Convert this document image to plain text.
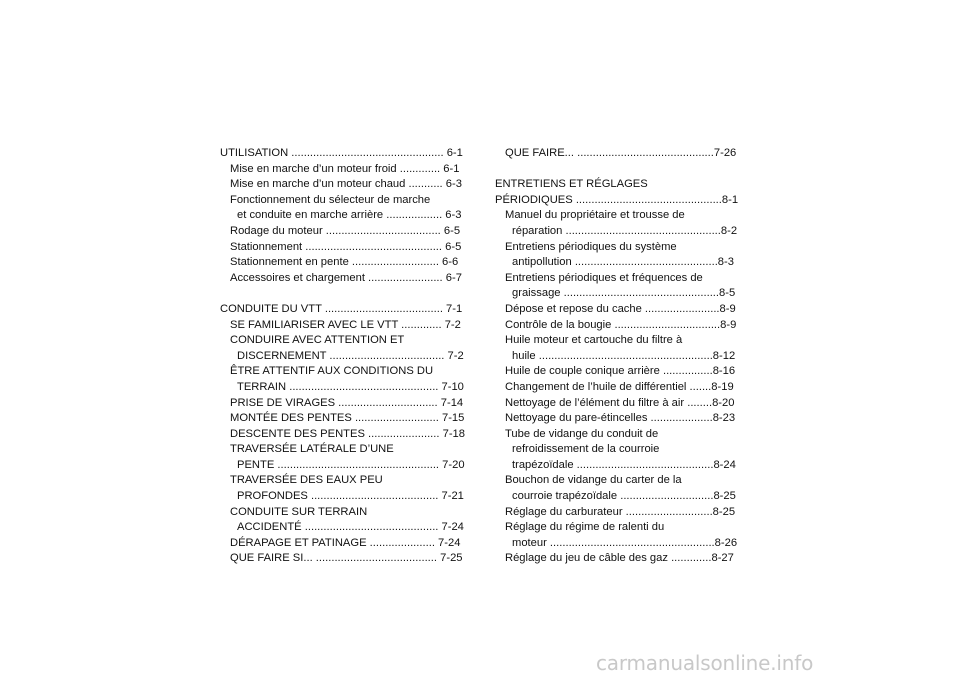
UTILISATION ................................................. 6-1
Mise en marche d’un moteur froid ............. 6-1
Mise en marche d’un moteur chaud ........... 6-3
Fonctionnement du sélecteur de marche
et conduite en marche arrière .................. 6-3
Rodage du moteur ..................................... 6-5
Stationnement ............................................ 6-5
Stationnement en pente ............................ 6-6
Accessoires et chargement ........................ 6-7
CONDUITE DU VTT ...................................... 7-1
SE FAMILIARISER AVEC LE VTT ............. 7-2
CONDUIRE AVEC ATTENTION ET
DISCERNEMENT ..................................... 7-2
ÊTRE ATTENTIF AUX CONDITIONS DU
TERRAIN ................................................ 7-10
PRISE DE VIRAGES ................................ 7-14
MONTÉE DES PENTES ........................... 7-15
DESCENTE DES PENTES ....................... 7-18
TRAVERSÉE LATÉRALE D’UNE
PENTE .................................................... 7-20
TRAVERSÉE DES EAUX PEU
PROFONDES ......................................... 7-21
CONDUITE SUR TERRAIN
ACCIDENTÉ ........................................... 7-24
DÉRAPAGE ET PATINAGE ..................... 7-24
QUE FAIRE SI... ....................................... 7-25
QUE FAIRE... ............................................7-26
ENTRETIENS ET RÉGLAGES
PÉRIODIQUES ...............................................8-1
Manuel du propriétaire et trousse de
réparation ..................................................8-2
Entretiens périodiques du système
antipollution ..............................................8-3
Entretiens périodiques et fréquences de
graissage ..................................................8-5
Dépose et repose du cache ........................8-9
Contrôle de la bougie ..................................8-9
Huile moteur et cartouche du filtre à
huile ........................................................8-12
Huile de couple conique arrière ................8-16
Changement de l’huile de différentiel .......8-19
Nettoyage de l’élément du filtre à air ........8-20
Nettoyage du pare-étincelles ....................8-23
Tube de vidange du conduit de
refroidissement de la courroie
trapézoïdale ............................................8-24
Bouchon de vidange du carter de la
courroie trapézoïdale ..............................8-25
Réglage du carburateur ............................8-25
Réglage du régime de ralenti du
moteur .....................................................8-26
Réglage du jeu de câble des gaz .............8-27
carmanualsonline.info
